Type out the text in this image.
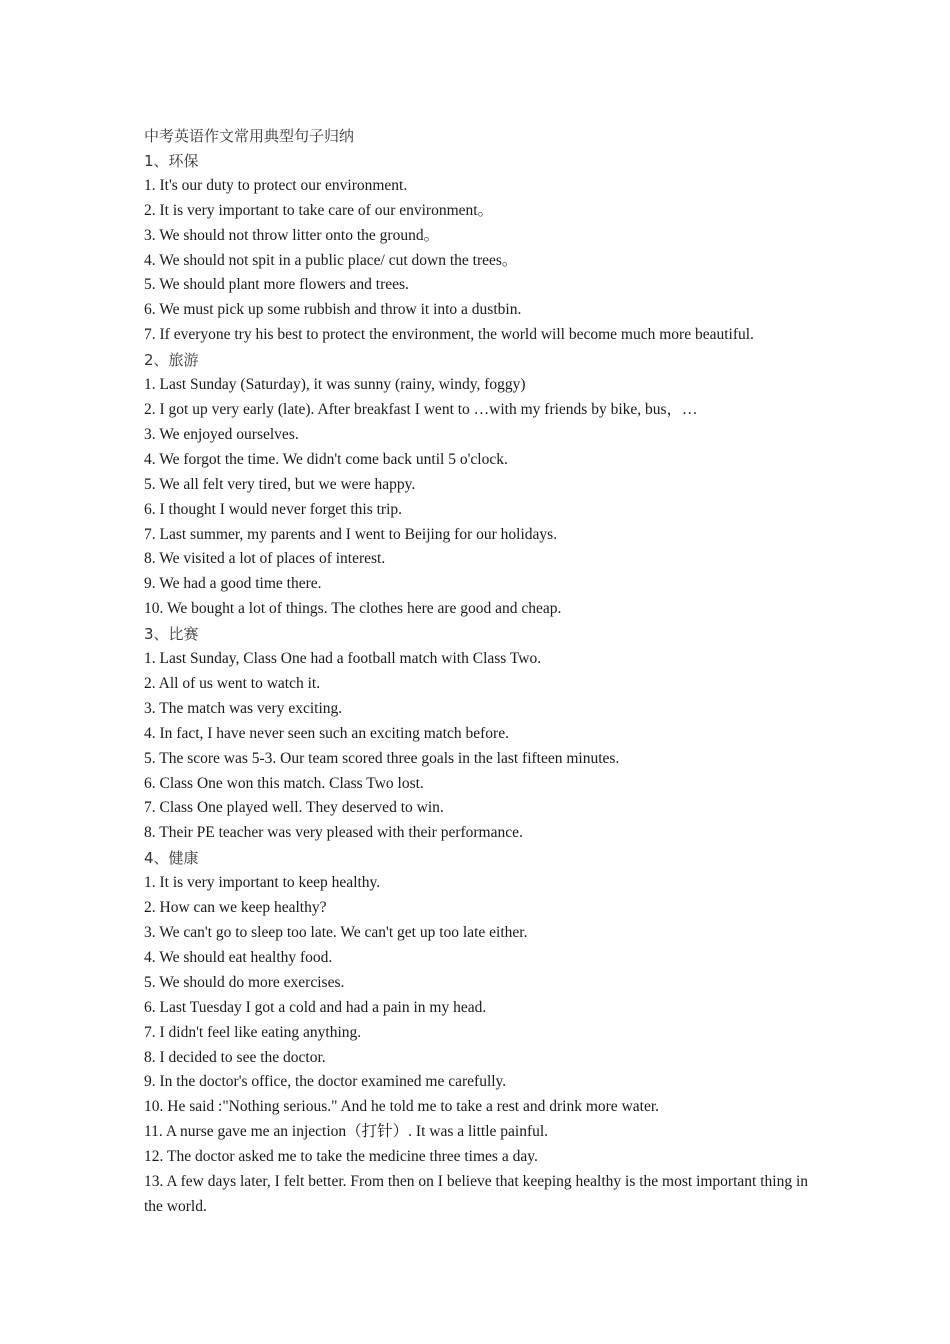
中考英语作文常用典型句子归纳
1、环保
1. It's our duty to protect our environment.
2. It is very important to take care of our environment。
3. We should not throw litter onto the ground。
4. We should not spit in a public place/ cut down the trees。
5. We should plant more flowers and trees.
6. We must pick up some rubbish and throw it into a dustbin.
7. If everyone try his best to protect the environment, the world will become much more beautiful.
2、旅游
1. Last Sunday (Saturday), it was sunny (rainy, windy, foggy)
2. I got up very early (late). After breakfast I went to …with my friends by bike, bus，…
3. We enjoyed ourselves.
4. We forgot the time. We didn't come back until 5 o'clock.
5. We all felt very tired, but we were happy.
6. I thought I would never forget this trip.
7. Last summer, my parents and I went to Beijing for our holidays.
8. We visited a lot of places of interest.
9. We had a good time there.
10. We bought a lot of things. The clothes here are good and cheap.
3、比赛
1. Last Sunday, Class One had a football match with Class Two.
2. All of us went to watch it.
3. The match was very exciting.
4. In fact, I have never seen such an exciting match before.
5. The score was 5-3. Our team scored three goals in the last fifteen minutes.
6. Class One won this match. Class Two lost.
7. Class One played well. They deserved to win.
8. Their PE teacher was very pleased with their performance.
4、健康
1. It is very important to keep healthy.
2. How can we keep healthy?
3. We can't go to sleep too late. We can't get up too late either.
4. We should eat healthy food.
5. We should do more exercises.
6. Last Tuesday I got a cold and had a pain in my head.
7. I didn't feel like eating anything.
8. I decided to see the doctor.
9. In the doctor's office, the doctor examined me carefully.
10. He said :"Nothing serious." And he told me to take a rest and drink more water.
11. A nurse gave me an injection（打针）. It was a little painful.
12. The doctor asked me to take the medicine three times a day.
13. A few days later, I felt better. From then on I believe that keeping healthy is the most important thing in the world.
